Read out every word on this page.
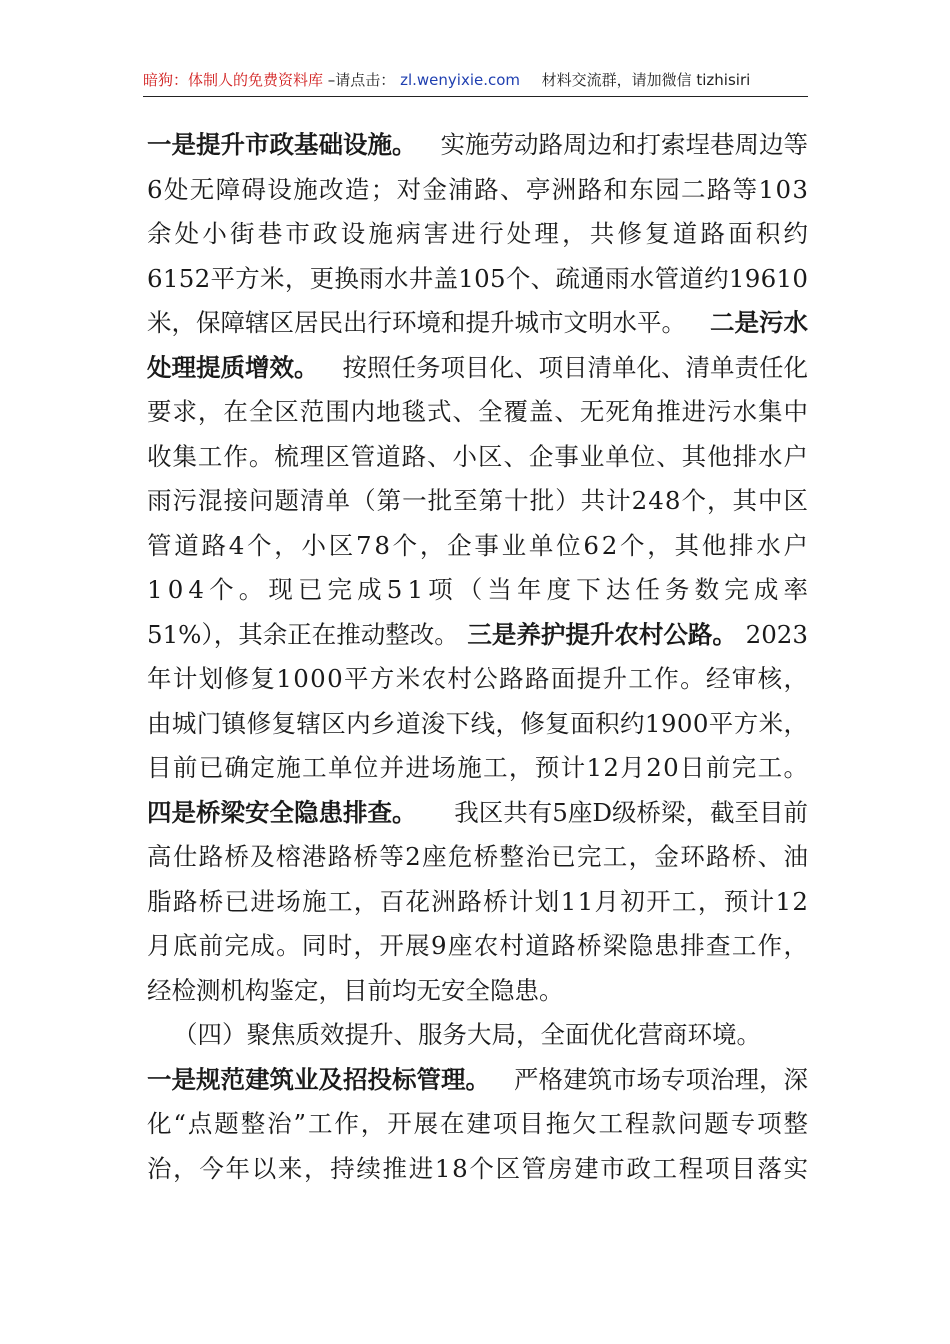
暗狗：体制人的免费资料库 –请点击： zl.wenyixie.com 材料交流群，请加微信 tizhisiri
一是提升市政基础设施。 实施劳动路周边和打索埕巷周边等
6处无障碍设施改造；对金浦路、亭洲路和东园二路等103
余处小街巷市政设施病害进行处理，共修复道路面积约
6152平方米，更换雨水井盖105个、疏通雨水管道约19610
米，保障辖区居民出行环境和提升城市文明水平。 二是污水
处理提质增效。 按照任务项目化、项目清单化、清单责任化
要求，在全区范围内地毯式、全覆盖、无死角推进污水集中
收集工作。梳理区管道路、小区、企事业单位、其他排水户
雨污混接问题清单（第一批至第十批）共计248个，其中区
管道路4个，小区78个，企事业单位62个，其他排水户
104个。现已完成51项（当年度下达任务数完成率
51%），其余正在推动整改。 三是养护提升农村公路。 2023
年计划修复1000平方米农村公路路面提升工作。经审核，
由城门镇修复辖区内乡道浚下线，修复面积约1900平方米，
目前已确定施工单位并进场施工，预计12月20日前完工。
四是桥梁安全隐患排查。 我区共有5座D级桥梁，截至目前
高仕路桥及榕港路桥等2座危桥整治已完工，金环路桥、油
脂路桥已进场施工，百花洲路桥计划11月初开工，预计12
月底前完成。同时，开展9座农村道路桥梁隐患排查工作，
经检测机构鉴定，目前均无安全隐患。
（四）聚焦质效提升、服务大局，全面优化营商环境。
一是规范建筑业及招投标管理。 严格建筑市场专项治理，深
化“点题整治”工作，开展在建项目拖欠工程款问题专项整
治，今年以来，持续推进18个区管房建市政工程项目落实
